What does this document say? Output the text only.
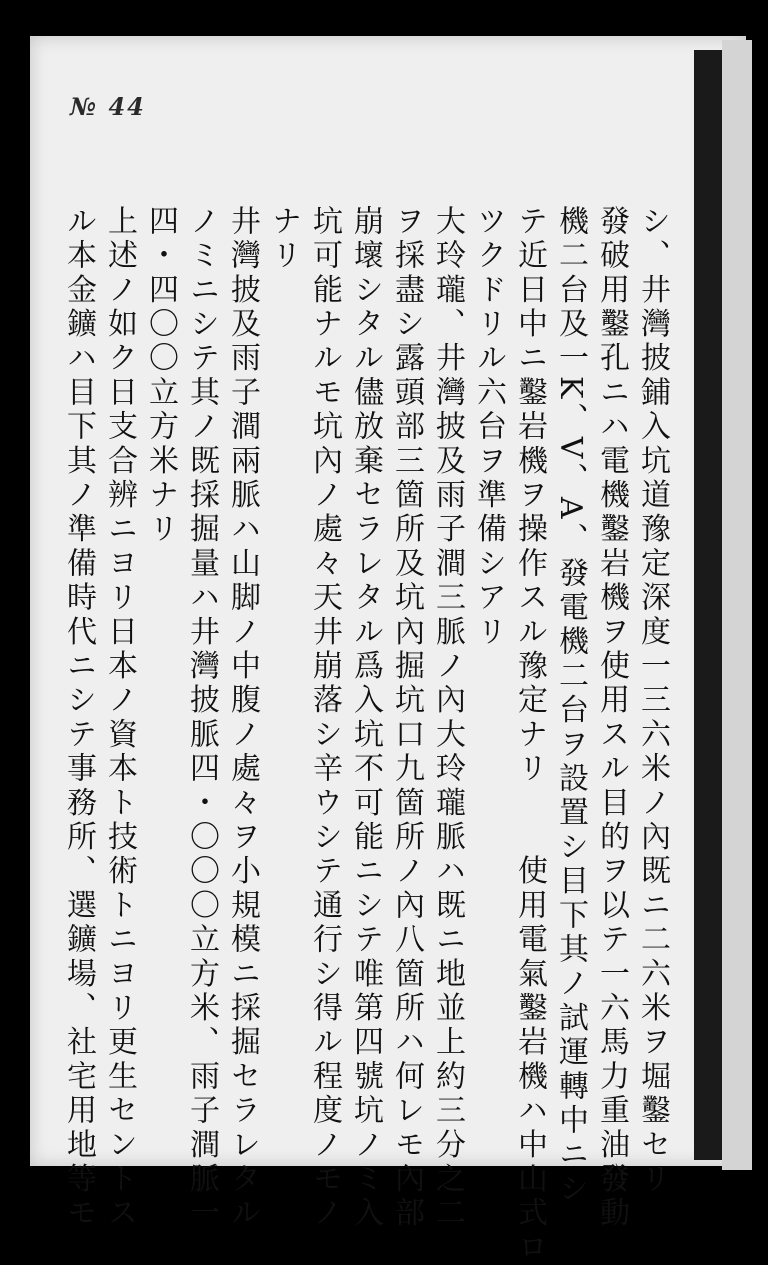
№ 44
シ、井灣披鋪入坑道豫定深度一三六米ノ內既ニ二六米ヲ堀鑿セリ
發破用鑿孔ニハ電機鑿岩機ヲ使用スル目的ヲ以テ一六馬力重油發動
機二台及一K、V、A、發電機二台ヲ設置シ目下其ノ試運轉中ニシ
テ近日中ニ鑿岩機ヲ操作スル豫定ナリ　　使用電氣鑿岩機ハ中山式ロ
ツクドリル六台ヲ準備シアリ
大玲瓏、井灣披及雨子澗三脈ノ內大玲瓏脈ハ既ニ地並上約三分之二
ヲ採盡シ露頭部三箇所及坑內掘坑口九箇所ノ內八箇所ハ何レモ內部
崩壞シタル儘放棄セラレタル爲入坑不可能ニシテ唯第四號坑ノミ入
坑可能ナルモ坑內ノ處々天井崩落シ辛ウシテ通行シ得ル程度ノモノ
ナリ
井灣披及雨子澗兩脈ハ山脚ノ中腹ノ處々ヲ小規模ニ採掘セラレタル
ノミニシテ其ノ既採掘量ハ井灣披脈四・〇〇〇立方米、雨子澗脈一
四・四〇〇立方米ナリ
上述ノ如ク日支合辨ニヨリ日本ノ資本ト技術トニヨリ更生セントス
ル本金鑛ハ目下其ノ準備時代ニシテ事務所、選鑛場、社宅用地等モ
